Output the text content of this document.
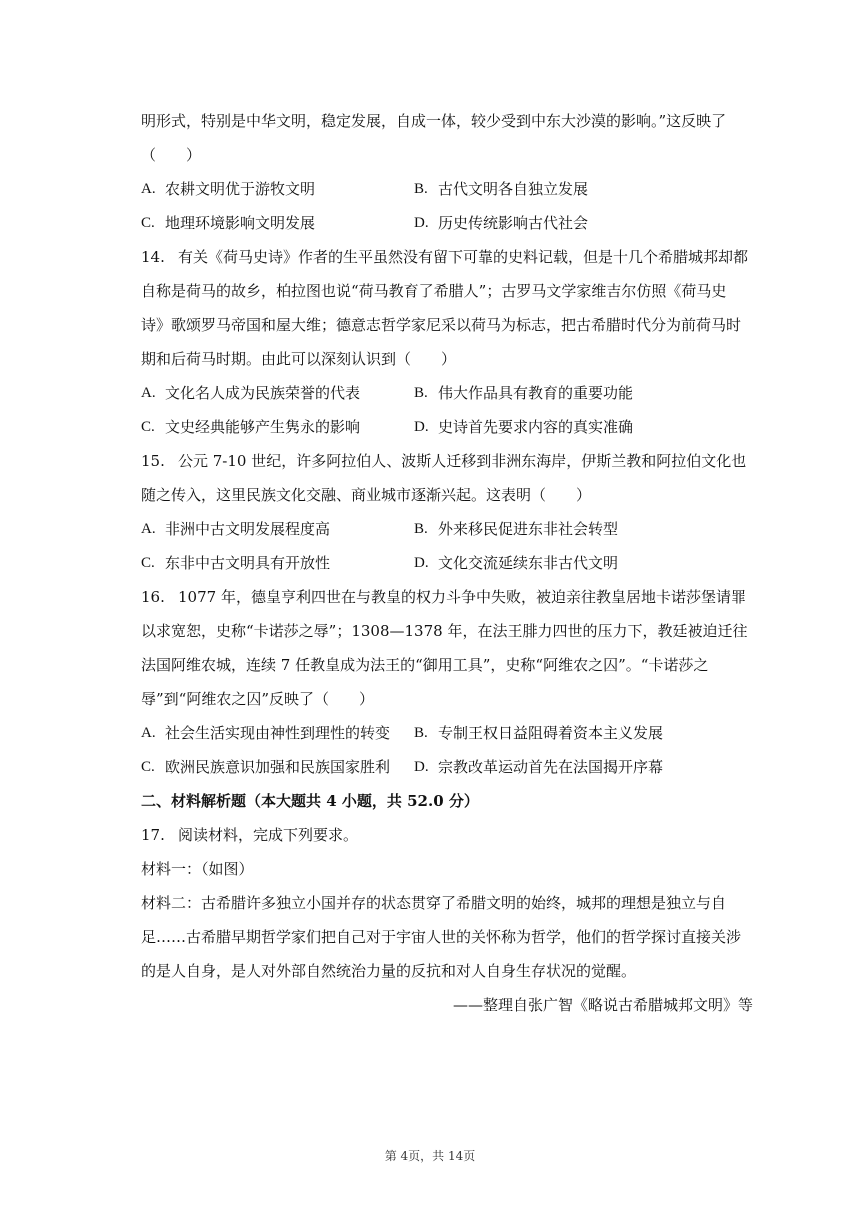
明形式，特别是中华文明，稳定发展，自成一体，较少受到中东大沙漠的影响。”这反映了
（　　）
A. 农耕文明优于游牧文明	B. 古代文明各自独立发展
C. 地理环境影响文明发展	D. 历史传统影响古代社会
14. 有关《荷马史诗》作者的生平虽然没有留下可靠的史料记载，但是十几个希腊城邦却都
自称是荷马的故乡，柏拉图也说“荷马教育了希腊人”；古罗马文学家维吉尔仿照《荷马史
诗》歌颂罗马帝国和屋大维；德意志哲学家尼采以荷马为标志，把古希腊时代分为前荷马时
期和后荷马时期。由此可以深刻认识到（　　）
A. 文化名人成为民族荣誉的代表	B. 伟大作品具有教育的重要功能
C. 文史经典能够产生隽永的影响	D. 史诗首先要求内容的真实准确
15. 公元 7-10 世纪，许多阿拉伯人、波斯人迁移到非洲东海岸，伊斯兰教和阿拉伯文化也
随之传入，这里民族文化交融、商业城市逐渐兴起。这表明（　　）
A. 非洲中古文明发展程度高	B. 外来移民促进东非社会转型
C. 东非中古文明具有开放性	D. 文化交流延续东非古代文明
16. 1077 年，德皇亨利四世在与教皇的权力斗争中失败，被迫亲往教皇居地卡诺莎堡请罪
以求宽恕，史称“卡诺莎之辱”；1308—1378 年，在法王腓力四世的压力下，教廷被迫迁往
法国阿维农城，连续 7 任教皇成为法王的“御用工具”，史称“阿维农之囚”。“卡诺莎之
辱”到“阿维农之囚”反映了（　　）
A. 社会生活实现由神性到理性的转变 B. 专制王权日益阻碍着资本主义发展
C. 欧洲民族意识加强和民族国家胜利 D. 宗教改革运动首先在法国揭开序幕
二、材料解析题（本大题共 4 小题，共 52.0 分）
17. 阅读材料，完成下列要求。
材料一：（如图）
材料二：古希腊许多独立小国并存的状态贯穿了希腊文明的始终，城邦的理想是独立与自
足……古希腊早期哲学家们把自己对于宇宙人世的关怀称为哲学，他们的哲学探讨直接关涉
的是人自身，是人对外部自然统治力量的反抗和对人自身生存状况的觉醒。
——整理自张广智《略说古希腊城邦文明》等
第 4页，共 14页
